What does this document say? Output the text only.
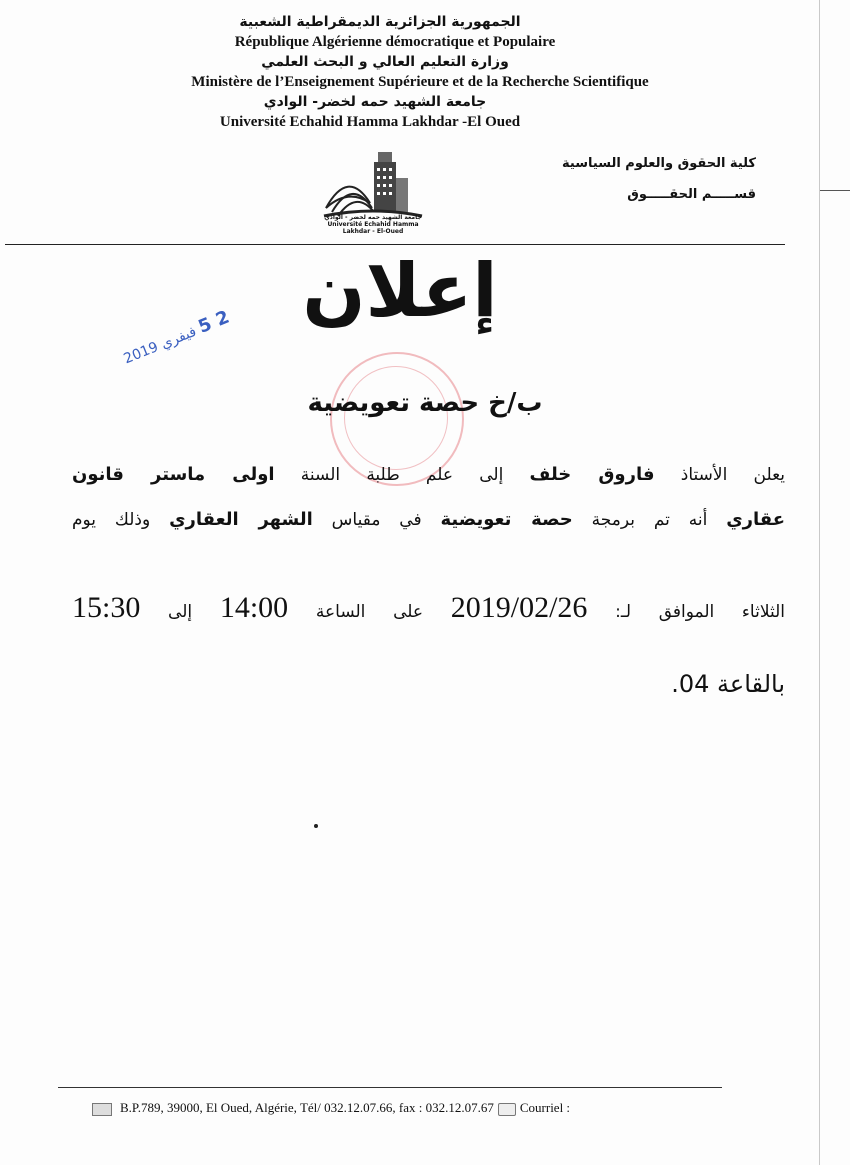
الجمهورية الجزائرية الديمقراطية الشعبية
République Algérienne démocratique et Populaire
وزارة التعليم العالي و البحث العلمي
Ministère de l’Enseignement Supérieure et de la Recherche Scientifique
جامعة الشهيد حمه لخضر- الوادي
Université Echahid Hamma Lakhdar -El Oued
كلية الحقوق والعلوم السياسية
قســـــم الحقـــــوق
جامعة الشهيد حمه لخضر - الوادي
Université Echahid Hamma Lakhdar - El-Oued
إعلان
2 5 فيفري 2019
ب/خ حصة تعويضية
يعلن الأستاذ فاروق خلف إلى علم طلبة السنة اولى ماستر قانون
عقاري أنه تم برمجة حصة تعويضية في مقياس الشهر العقاري وذلك يوم
الثلاثاء الموافق لـ: 2019/02/26 على الساعة 14:00 إلى 15:30
بالقاعة 04.
B.P.789, 39000, El Oued, Algérie, Tél/ 032.12.07.66, fax : 032.12.07.67 Courriel :
